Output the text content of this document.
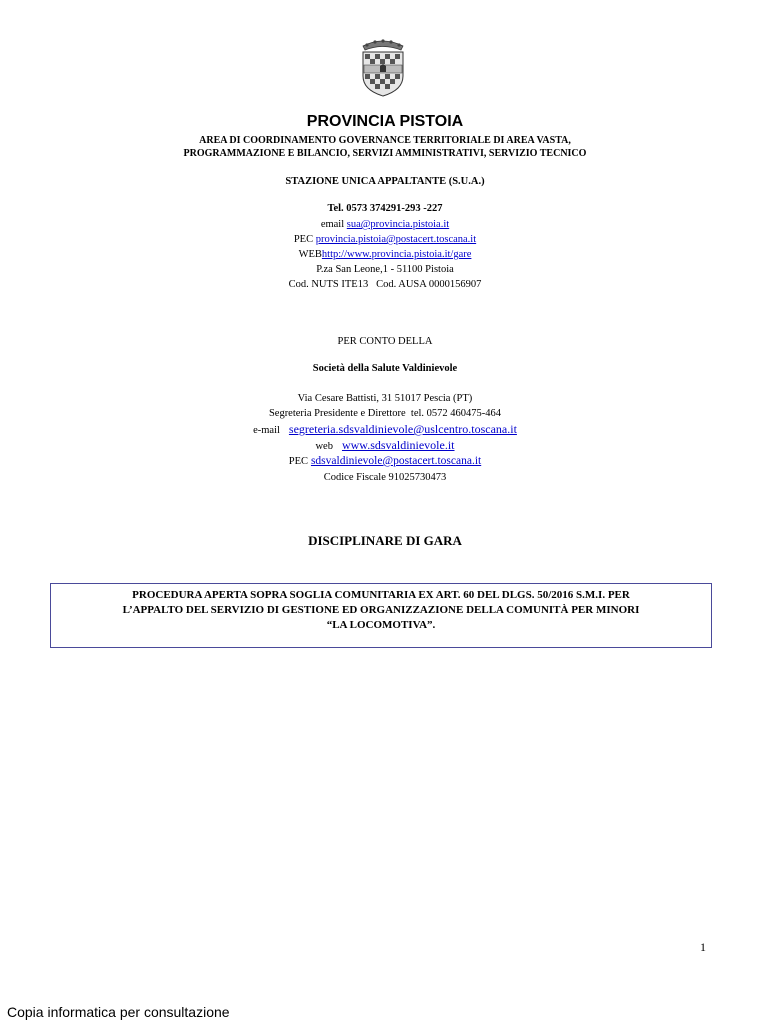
PROVINCIA PISTOIA
AREA DI COORDINAMENTO GOVERNANCE TERRITORIALE DI AREA VASTA,
PROGRAMMAZIONE E BILANCIO, SERVIZI AMMINISTRATIVI, SERVIZIO TECNICO
STAZIONE UNICA APPALTANTE (S.U.A.)
Tel. 0573 374291-293 -227
email sua@provincia.pistoia.it
PEC provincia.pistoia@postacert.toscana.it
WEBhttp://www.provincia.pistoia.it/gare
P.za San Leone,1 - 51100 Pistoia
Cod. NUTS ITE13   Cod. AUSA 0000156907
PER CONTO DELLA
Società della Salute Valdinievole
Via Cesare Battisti, 31 51017 Pescia (PT)
Segreteria Presidente e Direttore  tel. 0572 460475-464
e-mail segreteria.sdsvaldinievole@uslcentro.toscana.it
web www.sdsvaldinievole.it
PEC sdsvaldinievole@postacert.toscana.it
Codice Fiscale 91025730473
DISCIPLINARE DI GARA
PROCEDURA APERTA SOPRA SOGLIA COMUNITARIA EX ART. 60 DEL DLGS. 50/2016 S.M.I. PER
L’APPALTO DEL SERVIZIO DI GESTIONE ED ORGANIZZAZIONE DELLA COMUNITÀ PER MINORI
“LA LOCOMOTIVA”.
1
Copia informatica per consultazione
